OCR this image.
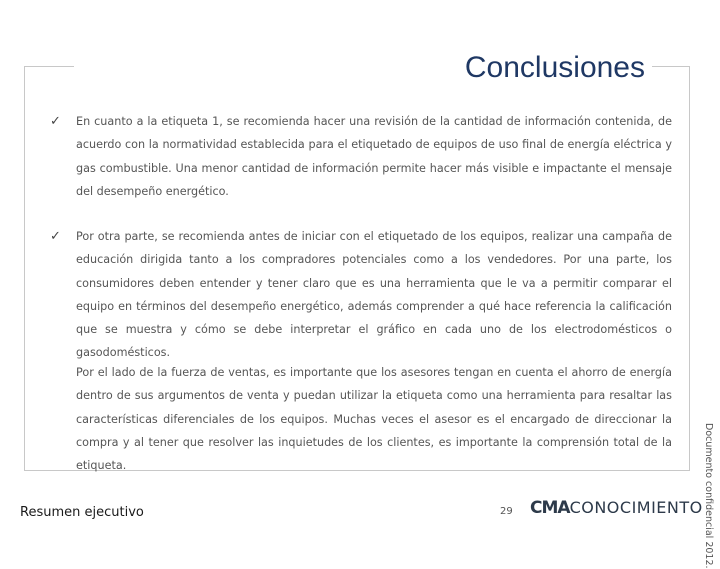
Conclusiones
✓ En cuanto a la etiqueta 1, se recomienda hacer una revisión de la cantidad de información contenida, de acuerdo con la normatividad establecida para el etiquetado de equipos de uso final de energía eléctrica y gas combustible. Una menor cantidad de información permite hacer más visible e impactante el mensaje del desempeño energético.
✓ Por otra parte, se recomienda antes de iniciar con el etiquetado de los equipos, realizar una campaña de educación dirigida tanto a los compradores potenciales como a los vendedores. Por una parte, los consumidores deben entender y tener claro que es una herramienta que le va a permitir comparar el equipo en términos del desempeño energético, además comprender a qué hace referencia la calificación que se muestra y cómo se debe interpretar el gráfico en cada uno de los electrodomésticos o gasodomésticos.
Por el lado de la fuerza de ventas, es importante que los asesores tengan en cuenta el ahorro de energía dentro de sus argumentos de venta y puedan utilizar la etiqueta como una herramienta para resaltar las características diferenciales de los equipos. Muchas veces el asesor es el encargado de direccionar la compra y al tener que resolver las inquietudes de los clientes, es importante la comprensión total de la etiqueta.
Resumen ejecutivo	29 CMACONOCIMIENTO Documento confidencial 2012.
